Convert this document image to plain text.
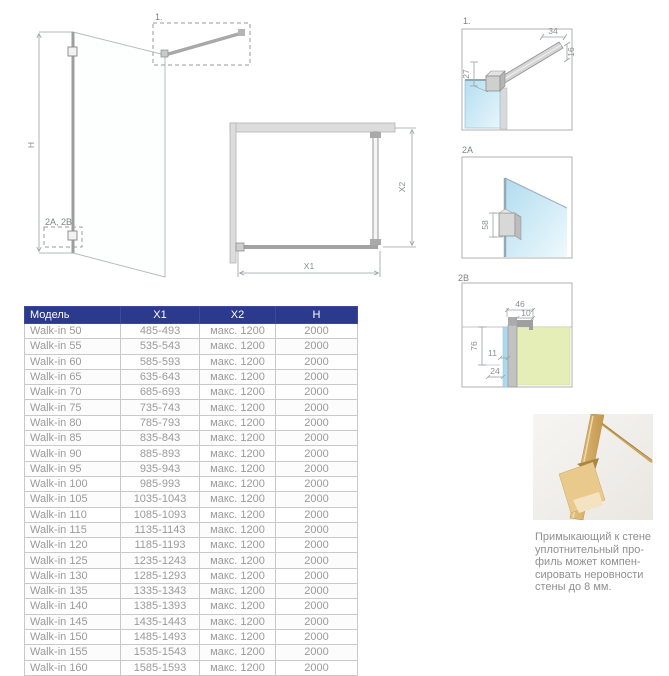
H
1.
2A, 2B
X1
X2
1.
34
16
27
2A
58
2B
46
10
76
11
24
Примыкающий к стене
уплотнительный про-
филь может компен-
сировать неровности
стены до 8 мм.
Модель	X1	X2	H
Walk-in 50	485-493	макс. 1200	2000
Walk-in 55	535-543	макс. 1200	2000
Walk-in 60	585-593	макс. 1200	2000
Walk-in 65	635-643	макс. 1200	2000
Walk-in 70	685-693	макс. 1200	2000
Walk-in 75	735-743	макс. 1200	2000
Walk-in 80	785-793	макс. 1200	2000
Walk-in 85	835-843	макс. 1200	2000
Walk-in 90	885-893	макс. 1200	2000
Walk-in 95	935-943	макс. 1200	2000
Walk-in 100	985-993	макс. 1200	2000
Walk-in 105	1035-1043	макс. 1200	2000
Walk-in 110	1085-1093	макс. 1200	2000
Walk-in 115	1135-1143	макс. 1200	2000
Walk-in 120	1185-1193	макс. 1200	2000
Walk-in 125	1235-1243	макс. 1200	2000
Walk-in 130	1285-1293	макс. 1200	2000
Walk-in 135	1335-1343	макс. 1200	2000
Walk-in 140	1385-1393	макс. 1200	2000
Walk-in 145	1435-1443	макс. 1200	2000
Walk-in 150	1485-1493	макс. 1200	2000
Walk-in 155	1535-1543	макс. 1200	2000
Walk-in 160	1585-1593	макс. 1200	2000
